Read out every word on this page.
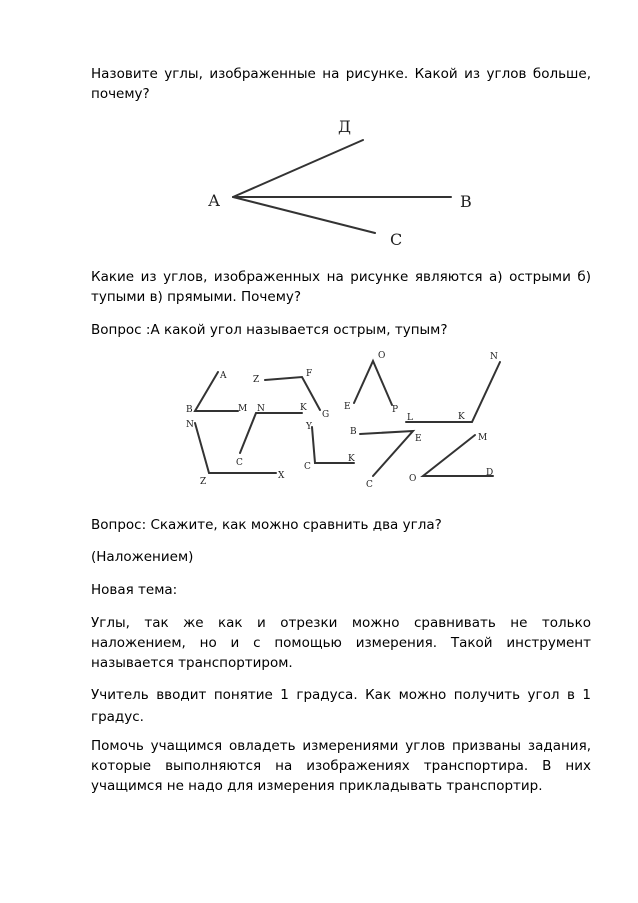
Назовите углы, изображенные на рисунке. Какой из углов больше, почему?

Д
А	В
С

Какие из углов, изображенных на рисунке являются а) острыми б) тупыми в) прямыми. Почему?

Вопрос :А какой угол называется острым, тупым?

A
B	M
N
Z
X
N
C
K
Z
F
G
Y
C
K
E
O
P
B
E
C
L	K
N
O
M
D

Вопрос: Скажите, как можно сравнить два угла?

(Наложением)

Новая тема:

Углы, так же как и отрезки можно сравнивать не только наложением, но и с помощью измерения. Такой инструмент называется транспортиром.

Учитель вводит понятие 1 градуса. Как можно получить угол в 1 градус.

Помочь учащимся овладеть измерениями углов призваны задания, которые выполняются на изображениях транспортира. В них учащимся не надо для измерения прикладывать транспортир.
